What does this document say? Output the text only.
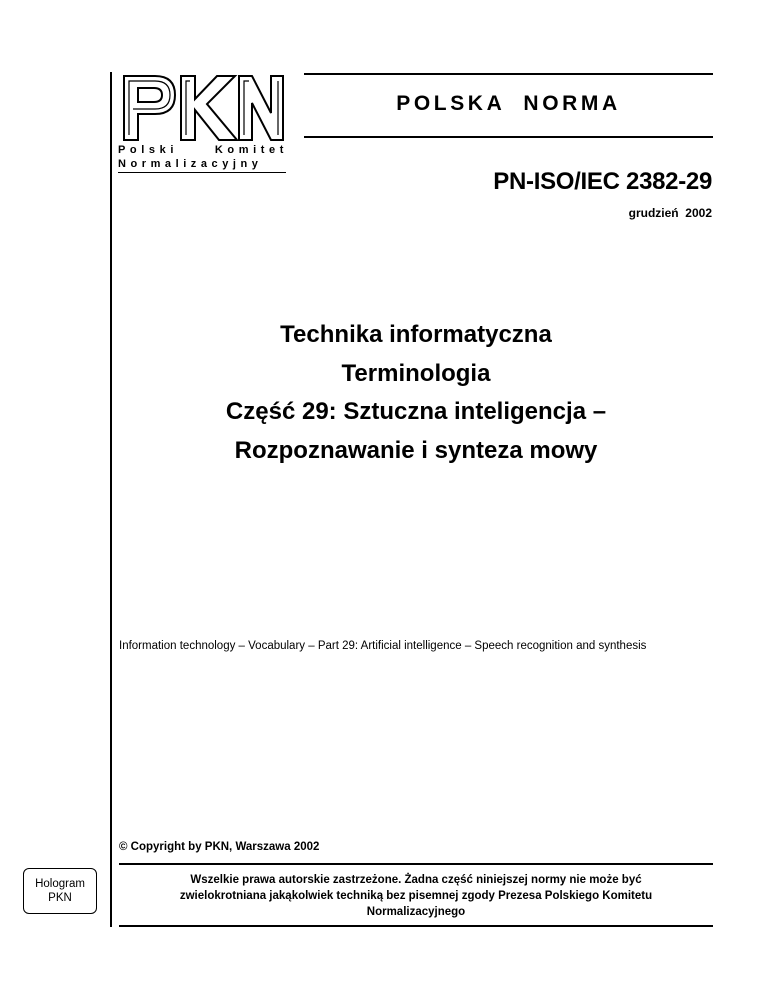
Polski	Komitet
Normalizacyjny
POLSKA  NORMA
PN-ISO/IEC 2382-29
grudzień  2002
Technika informatyczna
Terminologia
Część 29: Sztuczna inteligencja –
Rozpoznawanie i synteza mowy
Information technology – Vocabulary – Part 29: Artificial intelligence – Speech recognition and synthesis
© Copyright by PKN, Warszawa 2002
Hologram
PKN
Wszelkie prawa autorskie zastrzeżone. Żadna część niniejszej normy nie może być
zwielokrotniana jakąkolwiek techniką bez pisemnej zgody Prezesa Polskiego Komitetu
Normalizacyjnego
